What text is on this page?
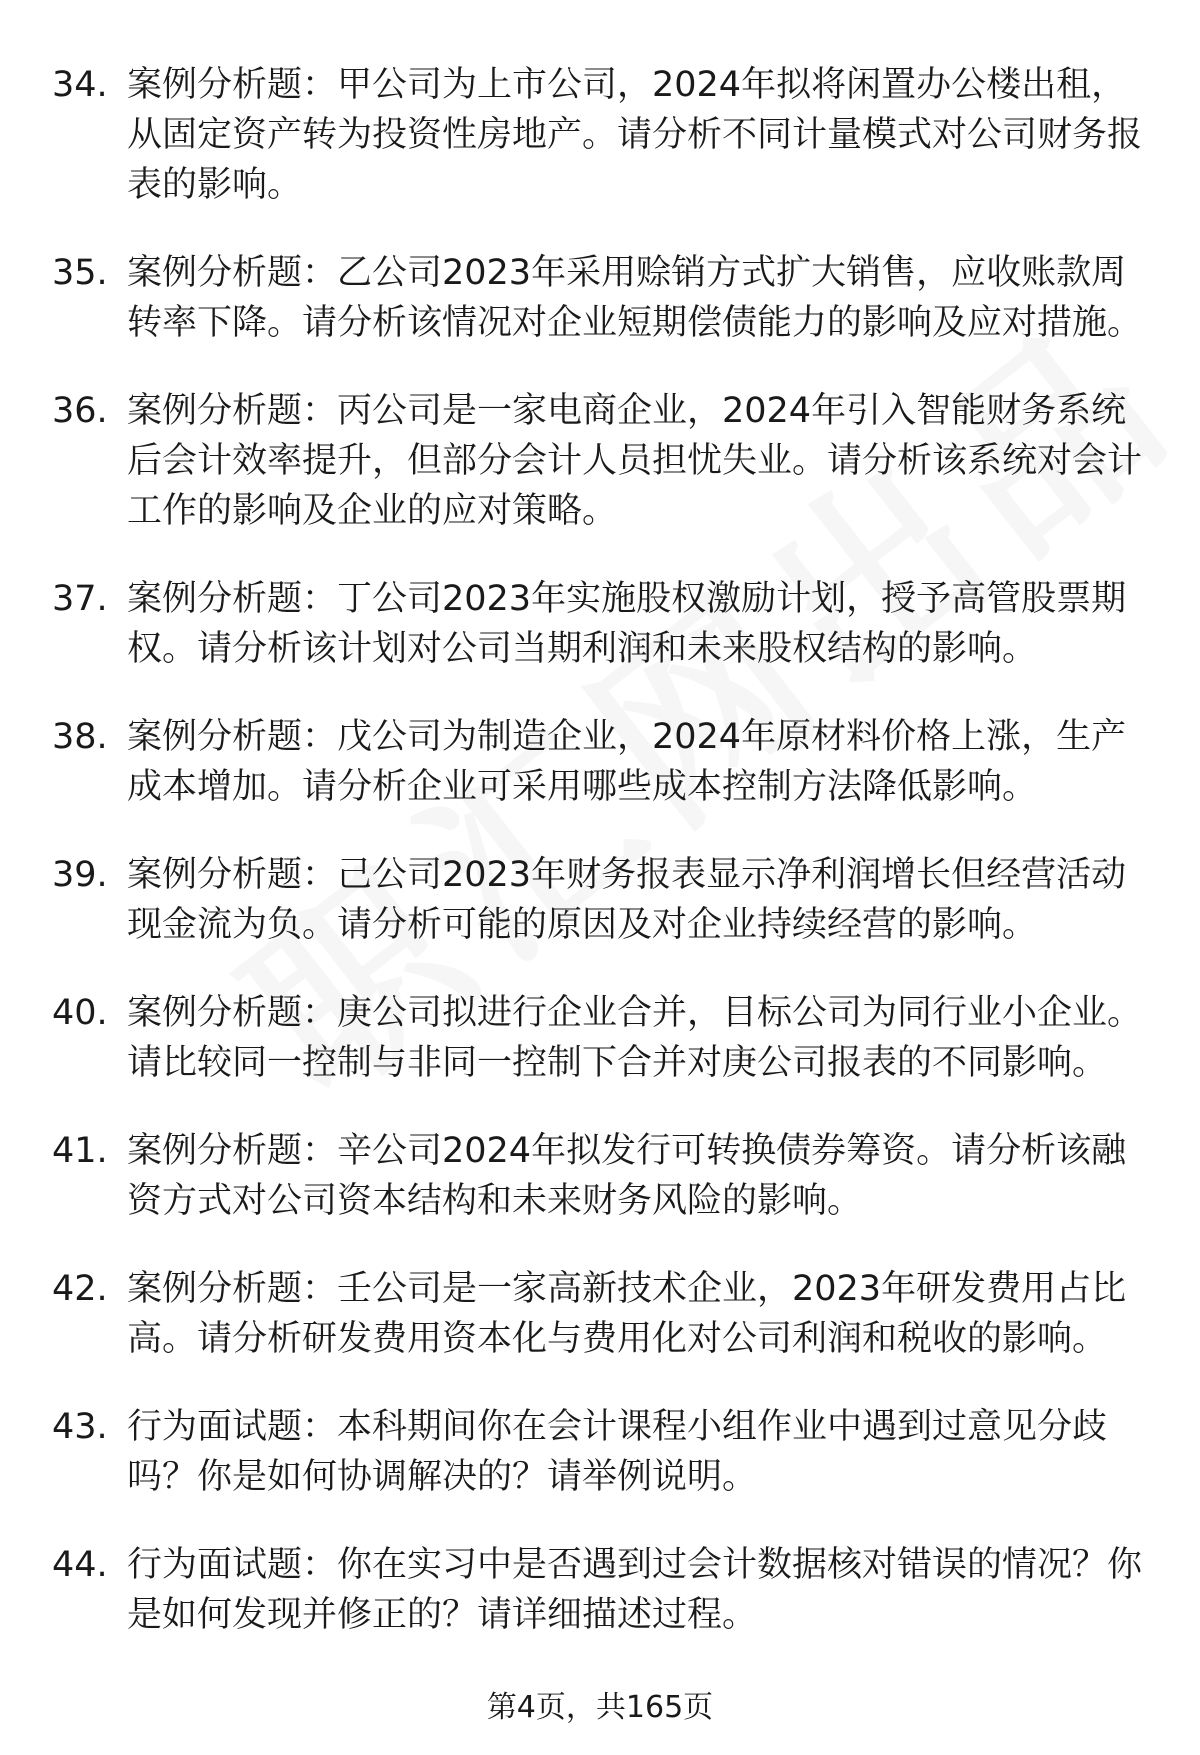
34. 案例分析题：甲公司为上市公司，2024年拟将闲置办公楼出租，从固定资产转为投资性房地产。请分析不同计量模式对公司财务报表的影响。
35. 案例分析题：乙公司2023年采用赊销方式扩大销售，应收账款周转率下降。请分析该情况对企业短期偿债能力的影响及应对措施。
36. 案例分析题：丙公司是一家电商企业，2024年引入智能财务系统后会计效率提升，但部分会计人员担忧失业。请分析该系统对会计工作的影响及企业的应对策略。
37. 案例分析题：丁公司2023年实施股权激励计划，授予高管股票期权。请分析该计划对公司当期利润和未来股权结构的影响。
38. 案例分析题：戊公司为制造企业，2024年原材料价格上涨，生产成本增加。请分析企业可采用哪些成本控制方法降低影响。
39. 案例分析题：己公司2023年财务报表显示净利润增长但经营活动现金流为负。请分析可能的原因及对企业持续经营的影响。
40. 案例分析题：庚公司拟进行企业合并，目标公司为同行业小企业。请比较同一控制与非同一控制下合并对庚公司报表的不同影响。
41. 案例分析题：辛公司2024年拟发行可转换债券筹资。请分析该融资方式对公司资本结构和未来财务风险的影响。
42. 案例分析题：壬公司是一家高新技术企业，2023年研发费用占比高。请分析研发费用资本化与费用化对公司利润和税收的影响。
43. 行为面试题：本科期间你在会计课程小组作业中遇到过意见分歧吗？你是如何协调解决的？请举例说明。
44. 行为面试题：你在实习中是否遇到过会计数据核对错误的情况？你是如何发现并修正的？请详细描述过程。
第4页，共165页
